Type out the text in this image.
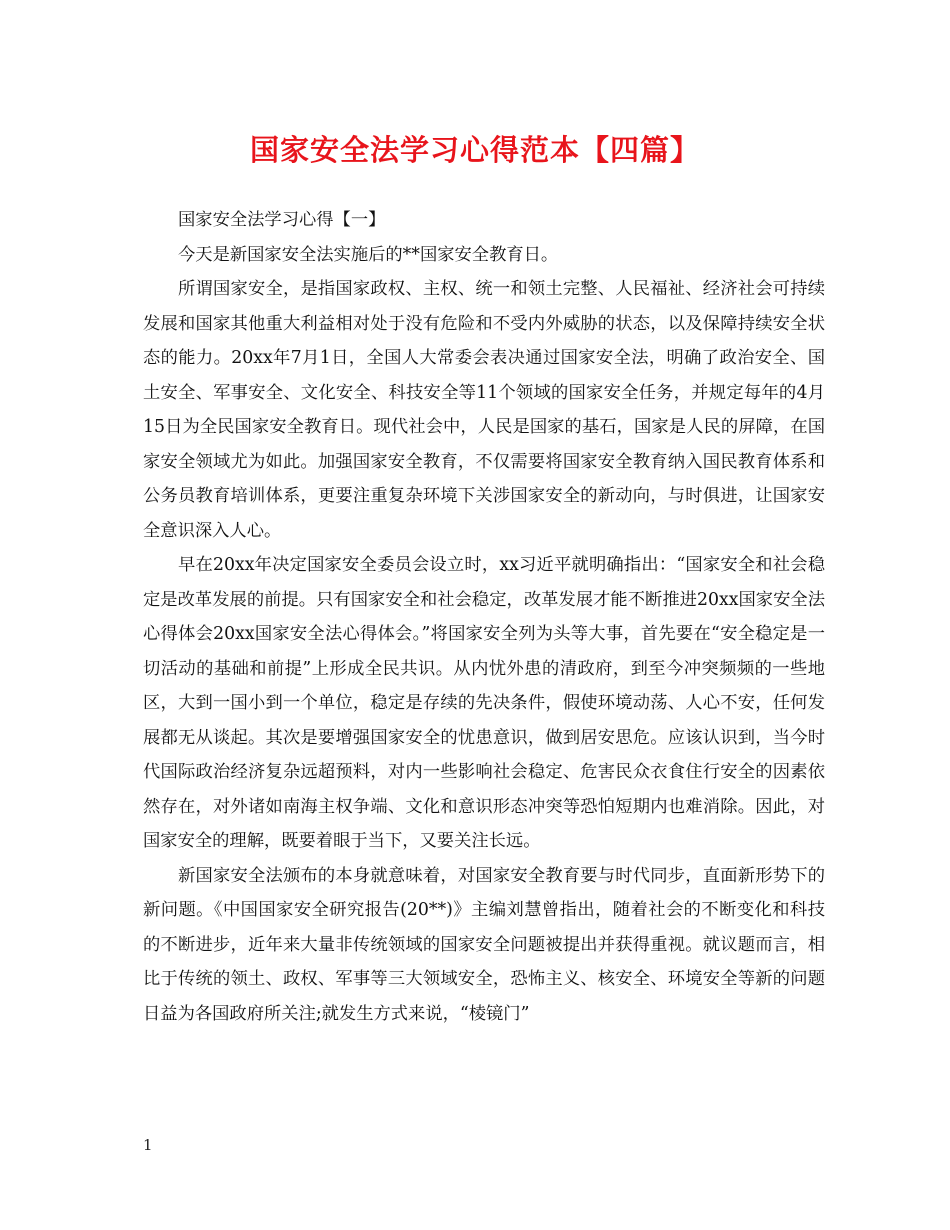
国家安全法学习心得范本【四篇】

国家安全法学习心得【一】

今天是新国家安全法实施后的**国家安全教育日。

所谓国家安全，是指国家政权、主权、统一和领土完整、人民福祉、经济社会可持续发展和国家其他重大利益相对处于没有危险和不受内外威胁的状态，以及保障持续安全状态的能力。20xx年7月1日，全国人大常委会表决通过国家安全法，明确了政治安全、国土安全、军事安全、文化安全、科技安全等11个领域的国家安全任务，并规定每年的4月15日为全民国家安全教育日。现代社会中，人民是国家的基石，国家是人民的屏障，在国家安全领域尤为如此。加强国家安全教育，不仅需要将国家安全教育纳入国民教育体系和公务员教育培训体系，更要注重复杂环境下关涉国家安全的新动向，与时俱进，让国家安全意识深入人心。

早在20xx年决定国家安全委员会设立时，xx习近平就明确指出：“国家安全和社会稳定是改革发展的前提。只有国家安全和社会稳定，改革发展才能不断推进20xx国家安全法心得体会20xx国家安全法心得体会。”将国家安全列为头等大事，首先要在“安全稳定是一切活动的基础和前提”上形成全民共识。从内忧外患的清政府，到至今冲突频频的一些地区，大到一国小到一个单位，稳定是存续的先决条件，假使环境动荡、人心不安，任何发展都无从谈起。其次是要增强国家安全的忧患意识，做到居安思危。应该认识到，当今时代国际政治经济复杂远超预料，对内一些影响社会稳定、危害民众衣食住行安全的因素依然存在，对外诸如南海主权争端、文化和意识形态冲突等恐怕短期内也难消除。因此，对国家安全的理解，既要着眼于当下，又要关注长远。

新国家安全法颁布的本身就意味着，对国家安全教育要与时代同步，直面新形势下的新问题。《中国国家安全研究报告(20**)》主编刘慧曾指出，随着社会的不断变化和科技的不断进步，近年来大量非传统领域的国家安全问题被提出并获得重视。就议题而言，相比于传统的领土、政权、军事等三大领域安全，恐怖主义、核安全、环境安全等新的问题日益为各国政府所关注;就发生方式来说，“棱镜门”

1
